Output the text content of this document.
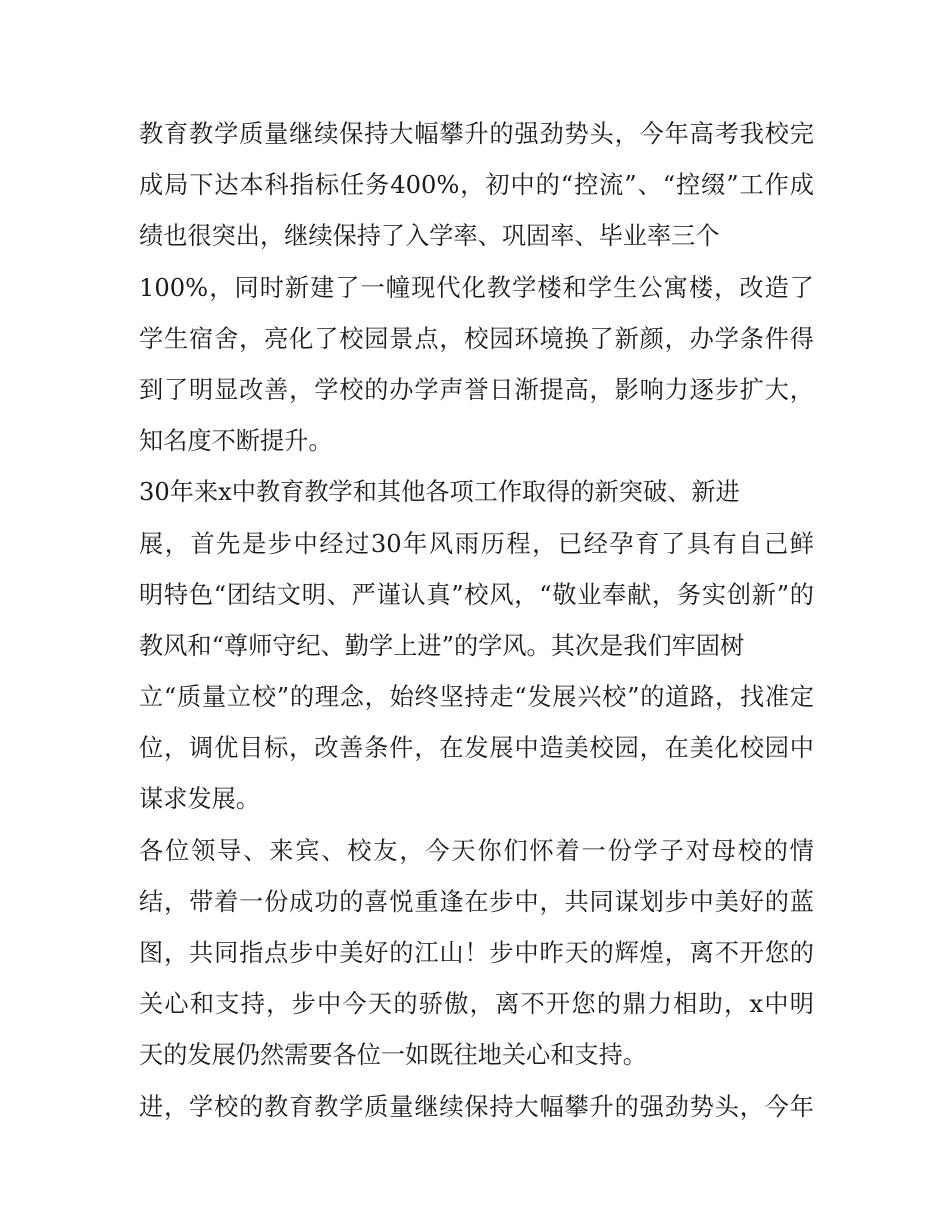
教育教学质量继续保持大幅攀升的强劲势头，今年高考我校完
成局下达本科指标任务400%，初中的“控流”、“控缀”工作成
绩也很突出，继续保持了入学率、巩固率、毕业率三个
100%，同时新建了一幢现代化教学楼和学生公寓楼，改造了
学生宿舍，亮化了校园景点，校园环境换了新颜，办学条件得
到了明显改善，学校的办学声誉日渐提高，影响力逐步扩大，
知名度不断提升。
30年来x中教育教学和其他各项工作取得的新突破、新进
展，首先是步中经过30年风雨历程，已经孕育了具有自己鲜
明特色“团结文明、严谨认真”校风，“敬业奉献，务实创新”的
教风和“尊师守纪、勤学上进”的学风。其次是我们牢固树
立“质量立校”的理念，始终坚持走“发展兴校”的道路，找准定
位，调优目标，改善条件，在发展中造美校园，在美化校园中
谋求发展。
各位领导、来宾、校友，今天你们怀着一份学子对母校的情
结，带着一份成功的喜悦重逢在步中，共同谋划步中美好的蓝
图，共同指点步中美好的江山！步中昨天的辉煌，离不开您的
关心和支持，步中今天的骄傲，离不开您的鼎力相助，x中明
天的发展仍然需要各位一如既往地关心和支持。
进，学校的教育教学质量继续保持大幅攀升的强劲势头，今年
